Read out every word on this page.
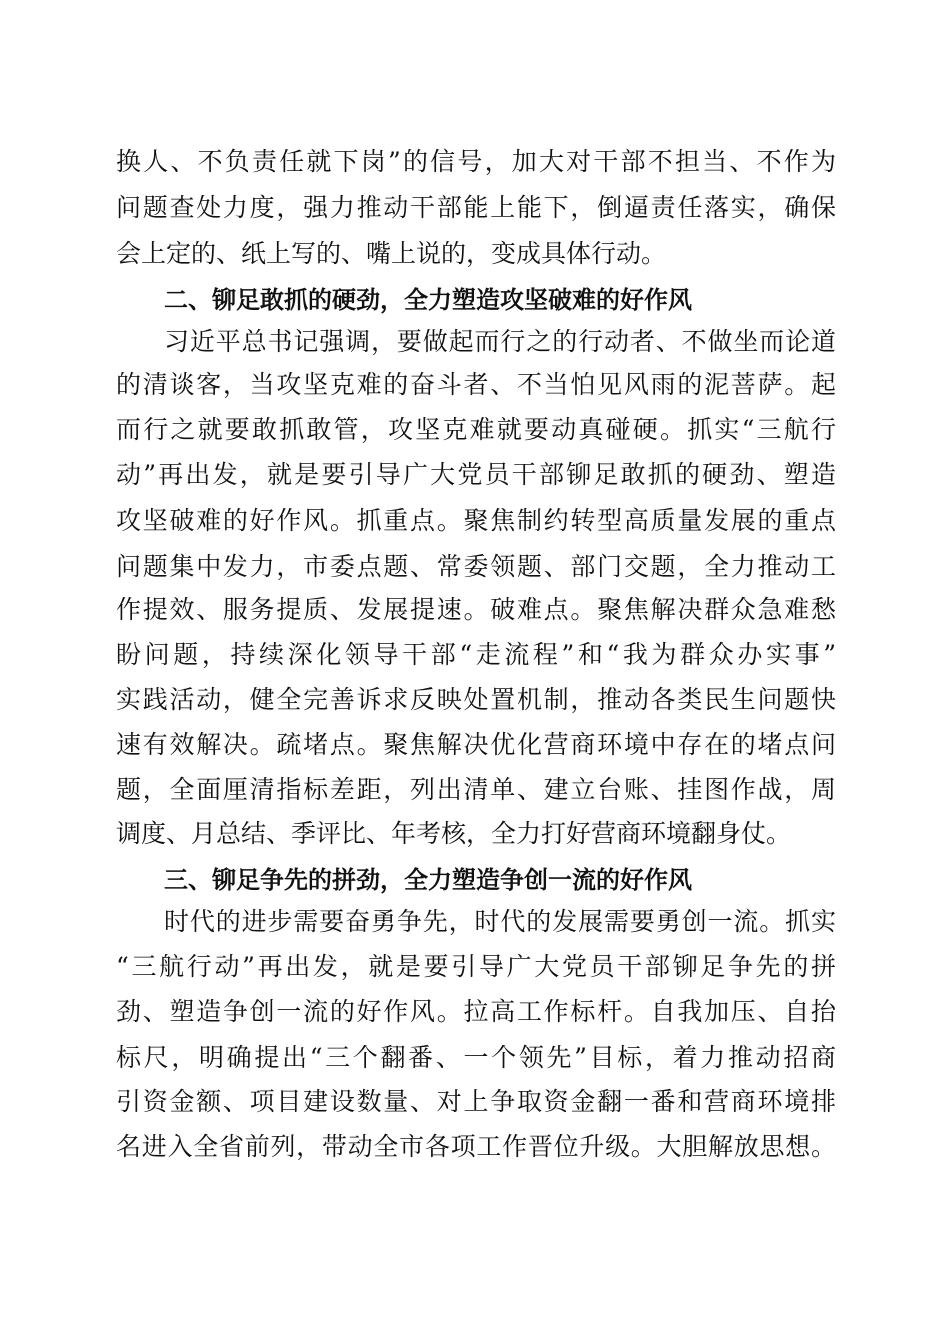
换人、不负责任就下岗”的信号，加大对干部不担当、不作为

问题查处力度，强力推动干部能上能下，倒逼责任落实，确保

会上定的、纸上写的、嘴上说的，变成具体行动。

二、铆足敢抓的硬劲，全力塑造攻坚破难的好作风

习近平总书记强调，要做起而行之的行动者、不做坐而论道

的清谈客，当攻坚克难的奋斗者、不当怕见风雨的泥菩萨。起

而行之就要敢抓敢管，攻坚克难就要动真碰硬。抓实“三航行

动”再出发，就是要引导广大党员干部铆足敢抓的硬劲、塑造

攻坚破难的好作风。抓重点。聚焦制约转型高质量发展的重点

问题集中发力，市委点题、常委领题、部门交题，全力推动工

作提效、服务提质、发展提速。破难点。聚焦解决群众急难愁

盼问题，持续深化领导干部“走流程”和“我为群众办实事”

实践活动，健全完善诉求反映处置机制，推动各类民生问题快

速有效解决。疏堵点。聚焦解决优化营商环境中存在的堵点问

题，全面厘清指标差距，列出清单、建立台账、挂图作战，周

调度、月总结、季评比、年考核，全力打好营商环境翻身仗。

三、铆足争先的拼劲，全力塑造争创一流的好作风

时代的进步需要奋勇争先，时代的发展需要勇创一流。抓实

“三航行动”再出发，就是要引导广大党员干部铆足争先的拼

劲、塑造争创一流的好作风。拉高工作标杆。自我加压、自抬

标尺，明确提出“三个翻番、一个领先”目标，着力推动招商

引资金额、项目建设数量、对上争取资金翻一番和营商环境排

名进入全省前列，带动全市各项工作晋位升级。大胆解放思想。
